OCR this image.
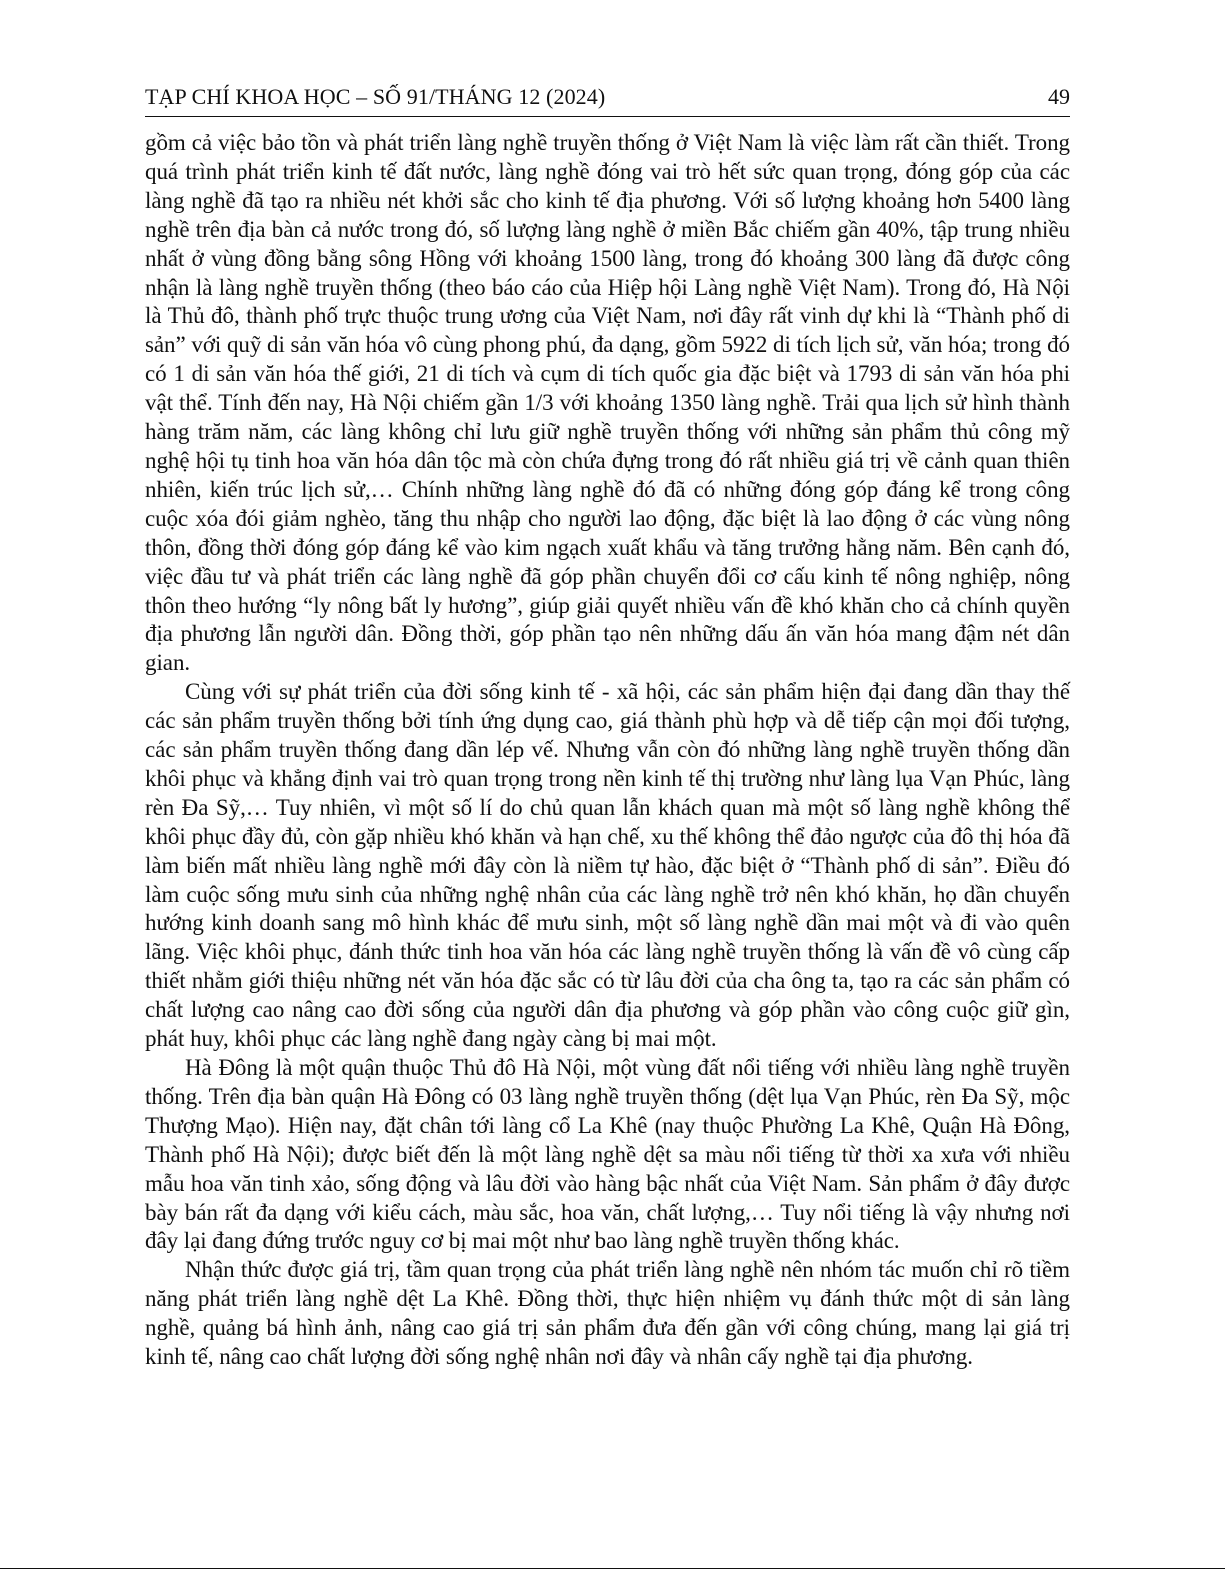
TẠP CHÍ KHOA HỌC – SỐ 91/THÁNG 12 (2024)	49

gồm cả việc bảo tồn và phát triển làng nghề truyền thống ở Việt Nam là việc làm rất cần thiết. Trong quá trình phát triển kinh tế đất nước, làng nghề đóng vai trò hết sức quan trọng, đóng góp của các làng nghề đã tạo ra nhiều nét khởi sắc cho kinh tế địa phương. Với số lượng khoảng hơn 5400 làng nghề trên địa bàn cả nước trong đó, số lượng làng nghề ở miền Bắc chiếm gần 40%, tập trung nhiều nhất ở vùng đồng bằng sông Hồng với khoảng 1500 làng, trong đó khoảng 300 làng đã được công nhận là làng nghề truyền thống (theo báo cáo của Hiệp hội Làng nghề Việt Nam). Trong đó, Hà Nội là Thủ đô, thành phố trực thuộc trung ương của Việt Nam, nơi đây rất vinh dự khi là “Thành phố di sản” với quỹ di sản văn hóa vô cùng phong phú, đa dạng, gồm 5922 di tích lịch sử, văn hóa; trong đó có 1 di sản văn hóa thế giới, 21 di tích và cụm di tích quốc gia đặc biệt và 1793 di sản văn hóa phi vật thể. Tính đến nay, Hà Nội chiếm gần 1/3 với khoảng 1350 làng nghề. Trải qua lịch sử hình thành hàng trăm năm, các làng không chỉ lưu giữ nghề truyền thống với những sản phẩm thủ công mỹ nghệ hội tụ tinh hoa văn hóa dân tộc mà còn chứa đựng trong đó rất nhiều giá trị về cảnh quan thiên nhiên, kiến trúc lịch sử,… Chính những làng nghề đó đã có những đóng góp đáng kể trong công cuộc xóa đói giảm nghèo, tăng thu nhập cho người lao động, đặc biệt là lao động ở các vùng nông thôn, đồng thời đóng góp đáng kể vào kim ngạch xuất khẩu và tăng trưởng hằng năm. Bên cạnh đó, việc đầu tư và phát triển các làng nghề đã góp phần chuyển đổi cơ cấu kinh tế nông nghiệp, nông thôn theo hướng “ly nông bất ly hương”, giúp giải quyết nhiều vấn đề khó khăn cho cả chính quyền địa phương lẫn người dân. Đồng thời, góp phần tạo nên những dấu ấn văn hóa mang đậm nét dân gian.

Cùng với sự phát triển của đời sống kinh tế - xã hội, các sản phẩm hiện đại đang dần thay thế các sản phẩm truyền thống bởi tính ứng dụng cao, giá thành phù hợp và dễ tiếp cận mọi đối tượng, các sản phẩm truyền thống đang dần lép vế. Nhưng vẫn còn đó những làng nghề truyền thống dần khôi phục và khẳng định vai trò quan trọng trong nền kinh tế thị trường như làng lụa Vạn Phúc, làng rèn Đa Sỹ,… Tuy nhiên, vì một số lí do chủ quan lẫn khách quan mà một số làng nghề không thể khôi phục đầy đủ, còn gặp nhiều khó khăn và hạn chế, xu thế không thể đảo ngược của đô thị hóa đã làm biến mất nhiều làng nghề mới đây còn là niềm tự hào, đặc biệt ở “Thành phố di sản”. Điều đó làm cuộc sống mưu sinh của những nghệ nhân của các làng nghề trở nên khó khăn, họ dần chuyển hướng kinh doanh sang mô hình khác để mưu sinh, một số làng nghề dần mai một và đi vào quên lãng. Việc khôi phục, đánh thức tinh hoa văn hóa các làng nghề truyền thống là vấn đề vô cùng cấp thiết nhằm giới thiệu những nét văn hóa đặc sắc có từ lâu đời của cha ông ta, tạo ra các sản phẩm có chất lượng cao nâng cao đời sống của người dân địa phương và góp phần vào công cuộc giữ gìn, phát huy, khôi phục các làng nghề đang ngày càng bị mai một.

Hà Đông là một quận thuộc Thủ đô Hà Nội, một vùng đất nổi tiếng với nhiều làng nghề truyền thống. Trên địa bàn quận Hà Đông có 03 làng nghề truyền thống (dệt lụa Vạn Phúc, rèn Đa Sỹ, mộc Thượng Mạo). Hiện nay, đặt chân tới làng cổ La Khê (nay thuộc Phường La Khê, Quận Hà Đông, Thành phố Hà Nội); được biết đến là một làng nghề dệt sa màu nổi tiếng từ thời xa xưa với nhiều mẫu hoa văn tinh xảo, sống động và lâu đời vào hàng bậc nhất của Việt Nam. Sản phẩm ở đây được bày bán rất đa dạng với kiểu cách, màu sắc, hoa văn, chất lượng,… Tuy nổi tiếng là vậy nhưng nơi đây lại đang đứng trước nguy cơ bị mai một như bao làng nghề truyền thống khác.

Nhận thức được giá trị, tầm quan trọng của phát triển làng nghề nên nhóm tác muốn chỉ rõ tiềm năng phát triển làng nghề dệt La Khê. Đồng thời, thực hiện nhiệm vụ đánh thức một di sản làng nghề, quảng bá hình ảnh, nâng cao giá trị sản phẩm đưa đến gần với công chúng, mang lại giá trị kinh tế, nâng cao chất lượng đời sống nghệ nhân nơi đây và nhân cấy nghề tại địa phương.
